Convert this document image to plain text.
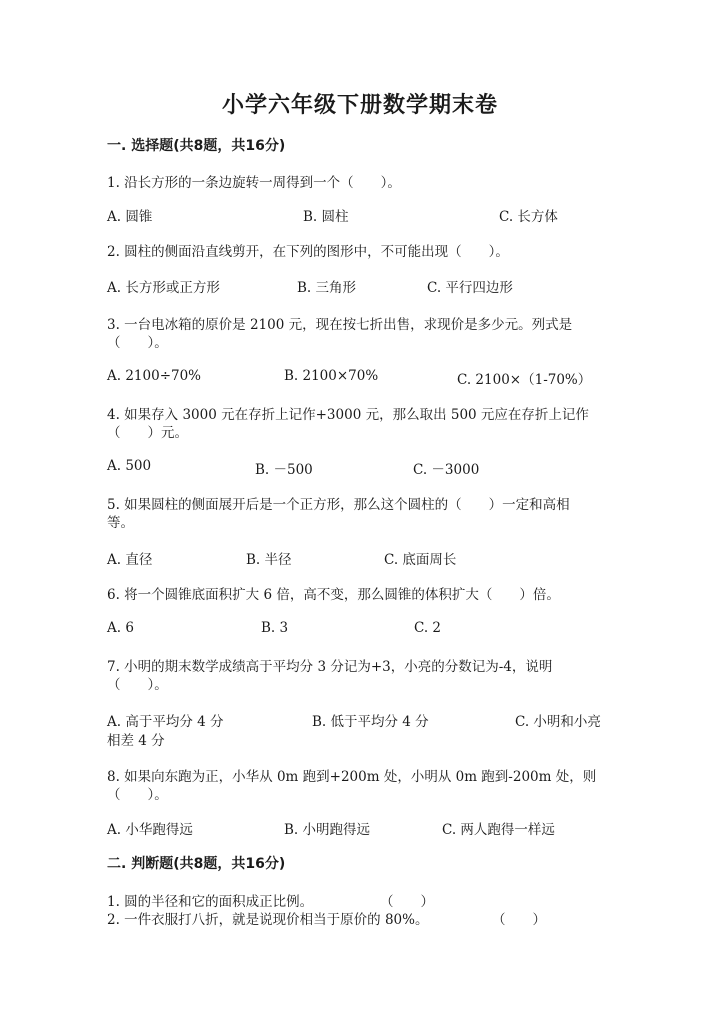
小学六年级下册数学期末卷
一. 选择题(共8题，共16分)
1. 沿长方形的一条边旋转一周得到一个（　　）。
A. 圆锥	B. 圆柱	C. 长方体
2. 圆柱的侧面沿直线剪开，在下列的图形中，不可能出现（　　）。
A. 长方形或正方形	B. 三角形	C. 平行四边形
3. 一台电冰箱的原价是 2100 元，现在按七折出售，求现价是多少元。列式是
（　　）。
A. 2100÷70%	B. 2100×70%	C. 2100×（1-70%）
4. 如果存入 3000 元在存折上记作+3000 元，那么取出 500 元应在存折上记作
（　　）元。
A. 500	B. －500	C. －3000
5. 如果圆柱的侧面展开后是一个正方形，那么这个圆柱的（　　）一定和高相
等。
A. 直径	B. 半径	C. 底面周长
6. 将一个圆锥底面积扩大 6 倍，高不变，那么圆锥的体积扩大（　　）倍。
A. 6	B. 3	C. 2
7. 小明的期末数学成绩高于平均分 3 分记为+3，小亮的分数记为-4，说明
（　　）。
A. 高于平均分 4 分	B. 低于平均分 4 分	C. 小明和小亮
相差 4 分
8. 如果向东跑为正，小华从 0m 跑到+200m 处，小明从 0m 跑到-200m 处，则
（　　）。
A. 小华跑得远	B. 小明跑得远	C. 两人跑得一样远
二. 判断题(共8题，共16分)
1. 圆的半径和它的面积成正比例。	（　　）
2. 一件衣服打八折，就是说现价相当于原价的 80%。	（　　）
